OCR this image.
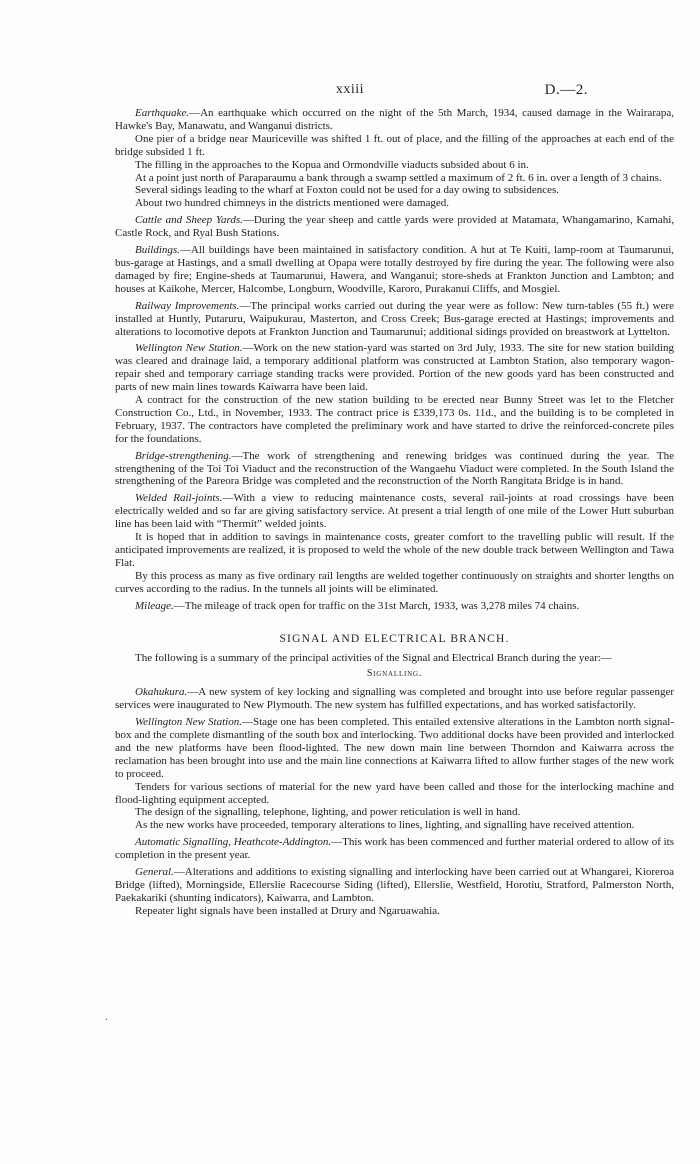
xxiii	D.—2.

Earthquake.—An earthquake which occurred on the night of the 5th March, 1934, caused damage in the Wairarapa, Hawke's Bay, Manawatu, and Wanganui districts.

One pier of a bridge near Mauriceville was shifted 1 ft. out of place, and the filling of the approaches at each end of the bridge subsided 1 ft.

The filling in the approaches to the Kopua and Ormondville viaducts subsided about 6 in.

At a point just north of Paraparaumu a bank through a swamp settled a maximum of 2 ft. 6 in. over a length of 3 chains.

Several sidings leading to the wharf at Foxton could not be used for a day owing to subsidences.

About two hundred chimneys in the districts mentioned were damaged.

Cattle and Sheep Yards.—During the year sheep and cattle yards were provided at Matamata, Whangamarino, Kamahi, Castle Rock, and Ryal Bush Stations.

Buildings.—All buildings have been maintained in satisfactory condition. A hut at Te Kuiti, lamp-room at Taumarunui, bus-garage at Hastings, and a small dwelling at Opapa were totally destroyed by fire during the year. The following were also damaged by fire; Engine-sheds at Taumarunui, Hawera, and Wanganui; store-sheds at Frankton Junction and Lambton; and houses at Kaikohe, Mercer, Halcombe, Longburn, Woodville, Karoro, Purakanui Cliffs, and Mosgiel.

Railway Improvements.—The principal works carried out during the year were as follow: New turn-tables (55 ft.) were installed at Huntly, Putaruru, Waipukurau, Masterton, and Cross Creek; Bus-garage erected at Hastings; improvements and alterations to locomotive depots at Frankton Junction and Taumarunui; additional sidings provided on breastwork at Lyttelton.

Wellington New Station.—Work on the new station-yard was started on 3rd July, 1933. The site for new station building was cleared and drainage laid, a temporary additional platform was constructed at Lambton Station, also temporary wagon-repair shed and temporary carriage standing tracks were provided. Portion of the new goods yard has been constructed and parts of new main lines towards Kaiwarra have been laid.

A contract for the construction of the new station building to be erected near Bunny Street was let to the Fletcher Construction Co., Ltd., in November, 1933. The contract price is £339,173 0s. 11d., and the building is to be completed in February, 1937. The contractors have completed the preliminary work and have started to drive the reinforced-concrete piles for the foundations.

Bridge-strengthening.—The work of strengthening and renewing bridges was continued during the year. The strengthening of the Toi Toi Viaduct and the reconstruction of the Wangaehu Viaduct were completed. In the South Island the strengthening of the Pareora Bridge was completed and the reconstruction of the North Rangitata Bridge is in hand.

Welded Rail-joints.—With a view to reducing maintenance costs, several rail-joints at road crossings have been electrically welded and so far are giving satisfactory service. At present a trial length of one mile of the Lower Hutt suburban line has been laid with “Thermit” welded joints.

It is hoped that in addition to savings in maintenance costs, greater comfort to the travelling public will result. If the anticipated improvements are realized, it is proposed to weld the whole of the new double track between Wellington and Tawa Flat.

By this process as many as five ordinary rail lengths are welded together continuously on straights and shorter lengths on curves according to the radius. In the tunnels all joints will be eliminated.

Mileage.—The mileage of track open for traffic on the 31st March, 1933, was 3,278 miles 74 chains.

SIGNAL AND ELECTRICAL BRANCH.

The following is a summary of the principal activities of the Signal and Electrical Branch during the year:—

Signalling.

Okahukura.—A new system of key locking and signalling was completed and brought into use before regular passenger services were inaugurated to New Plymouth. The new system has fulfilled expectations, and has worked satisfactorily.

Wellington New Station.—Stage one has been completed. This entailed extensive alterations in the Lambton north signal-box and the complete dismantling of the south box and interlocking. Two additional docks have been provided and interlocked and the new platforms have been flood-lighted. The new down main line between Thorndon and Kaiwarra across the reclamation has been brought into use and the main line connections at Kaiwarra lifted to allow further stages of the new work to proceed.

Tenders for various sections of material for the new yard have been called and those for the interlocking machine and flood-lighting equipment accepted.

The design of the signalling, telephone, lighting, and power reticulation is well in hand.

As the new works have proceeded, temporary alterations to lines, lighting, and signalling have received attention.

Automatic Signalling, Heathcote-Addington.—This work has been commenced and further material ordered to allow of its completion in the present year.

General.—Alterations and additions to existing signalling and interlocking have been carried out at Whangarei, Kioreroa Bridge (lifted), Morningside, Ellerslie Racecourse Siding (lifted), Ellerslie, Westfield, Horotiu, Stratford, Palmerston North, Paekakariki (shunting indicators), Kaiwarra, and Lambton.

Repeater light signals have been installed at Drury and Ngaruawahia.

.
